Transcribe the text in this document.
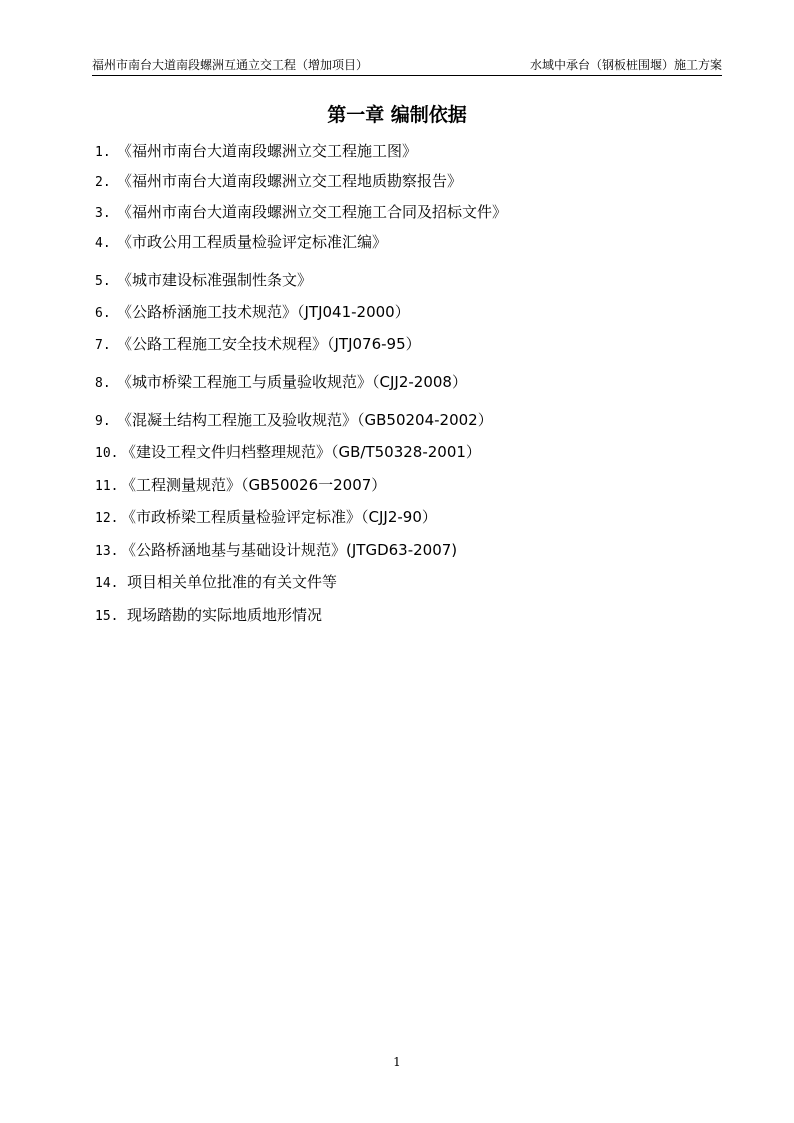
福州市南台大道南段螺洲互通立交工程（增加项目）	水域中承台（钢板桩围堰）施工方案
第一章 编制依据
1. 《福州市南台大道南段螺洲立交工程施工图》
2. 《福州市南台大道南段螺洲立交工程地质勘察报告》
3. 《福州市南台大道南段螺洲立交工程施工合同及招标文件》
4. 《市政公用工程质量检验评定标准汇编》
5. 《城市建设标准强制性条文》
6. 《公路桥涵施工技术规范》（JTJ041-2000）
7. 《公路工程施工安全技术规程》（JTJ076-95）
8. 《城市桥梁工程施工与质量验收规范》（CJJ2-2008）
9. 《混凝土结构工程施工及验收规范》（GB50204-2002）
10. 《建设工程文件归档整理规范》（GB/T50328-2001）
11. 《工程测量规范》（GB50026一2007）
12. 《市政桥梁工程质量检验评定标准》（CJJ2-90）
13. 《公路桥涵地基与基础设计规范》(JTGD63-2007)
14. 项目相关单位批准的有关文件等
15. 现场踏勘的实际地质地形情况
1
